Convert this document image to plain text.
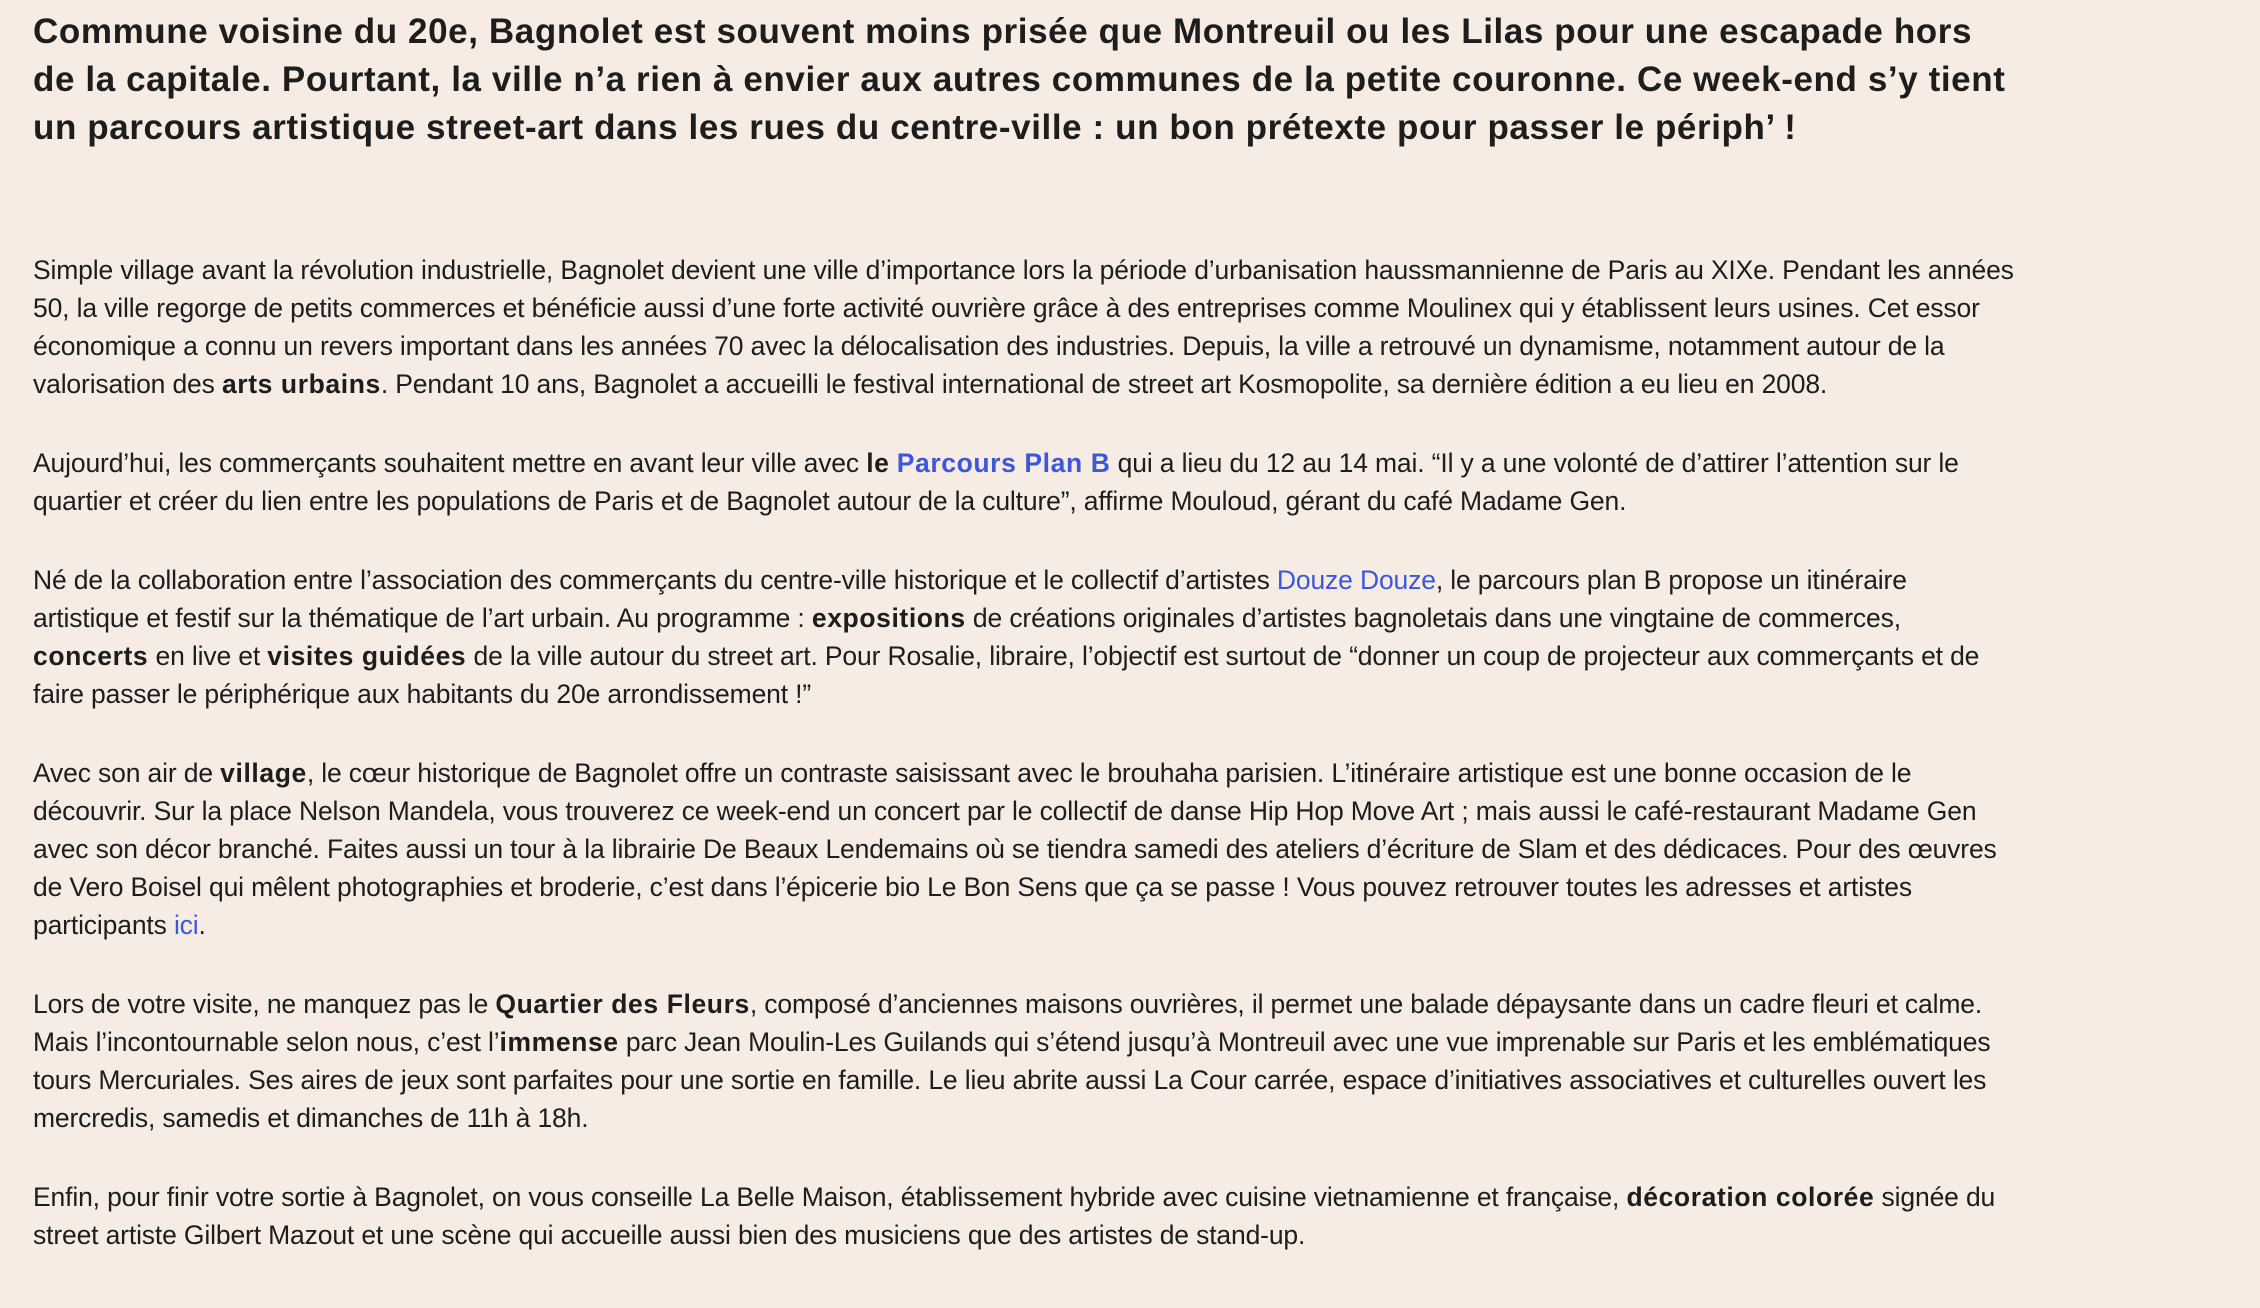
Commune voisine du 20e, Bagnolet est souvent moins prisée que Montreuil ou les Lilas pour une escapade hors de la capitale. Pourtant, la ville n’a rien à envier aux autres communes de la petite couronne. Ce week-end s’y tient un parcours artistique street-art dans les rues du centre-ville : un bon prétexte pour passer le périph’ !

Simple village avant la révolution industrielle, Bagnolet devient une ville d’importance lors la période d’urbanisation haussmannienne de Paris au XIXe. Pendant les années 50, la ville regorge de petits commerces et bénéficie aussi d’une forte activité ouvrière grâce à des entreprises comme Moulinex qui y établissent leurs usines. Cet essor économique a connu un revers important dans les années 70 avec la délocalisation des industries. Depuis, la ville a retrouvé un dynamisme, notamment autour de la valorisation des arts urbains. Pendant 10 ans, Bagnolet a accueilli le festival international de street art Kosmopolite, sa dernière édition a eu lieu en 2008.

Aujourd’hui, les commerçants souhaitent mettre en avant leur ville avec le Parcours Plan B qui a lieu du 12 au 14 mai. “Il y a une volonté de d’attirer l’attention sur le quartier et créer du lien entre les populations de Paris et de Bagnolet autour de la culture”, affirme Mouloud, gérant du café Madame Gen.

Né de la collaboration entre l’association des commerçants du centre-ville historique et le collectif d’artistes Douze Douze, le parcours plan B propose un itinéraire artistique et festif sur la thématique de l’art urbain. Au programme : expositions de créations originales d’artistes bagnoletais dans une vingtaine de commerces, concerts en live et visites guidées de la ville autour du street art. Pour Rosalie, libraire, l’objectif est surtout de “donner un coup de projecteur aux commerçants et de faire passer le périphérique aux habitants du 20e arrondissement !”

Avec son air de village, le cœur historique de Bagnolet offre un contraste saisissant avec le brouhaha parisien. L’itinéraire artistique est une bonne occasion de le découvrir. Sur la place Nelson Mandela, vous trouverez ce week-end un concert par le collectif de danse Hip Hop Move Art ; mais aussi le café-restaurant Madame Gen avec son décor branché. Faites aussi un tour à la librairie De Beaux Lendemains où se tiendra samedi des ateliers d’écriture de Slam et des dédicaces. Pour des œuvres de Vero Boisel qui mêlent photographies et broderie, c’est dans l’épicerie bio Le Bon Sens que ça se passe ! Vous pouvez retrouver toutes les adresses et artistes participants ici.

Lors de votre visite, ne manquez pas le Quartier des Fleurs, composé d’anciennes maisons ouvrières, il permet une balade dépaysante dans un cadre fleuri et calme. Mais l’incontournable selon nous, c’est l’immense parc Jean Moulin-Les Guilands qui s’étend jusqu’à Montreuil avec une vue imprenable sur Paris et les emblématiques tours Mercuriales. Ses aires de jeux sont parfaites pour une sortie en famille. Le lieu abrite aussi La Cour carrée, espace d’initiatives associatives et culturelles ouvert les mercredis, samedis et dimanches de 11h à 18h.

Enfin, pour finir votre sortie à Bagnolet, on vous conseille La Belle Maison, établissement hybride avec cuisine vietnamienne et française, décoration colorée signée du street artiste Gilbert Mazout et une scène qui accueille aussi bien des musiciens que des artistes de stand-up.
